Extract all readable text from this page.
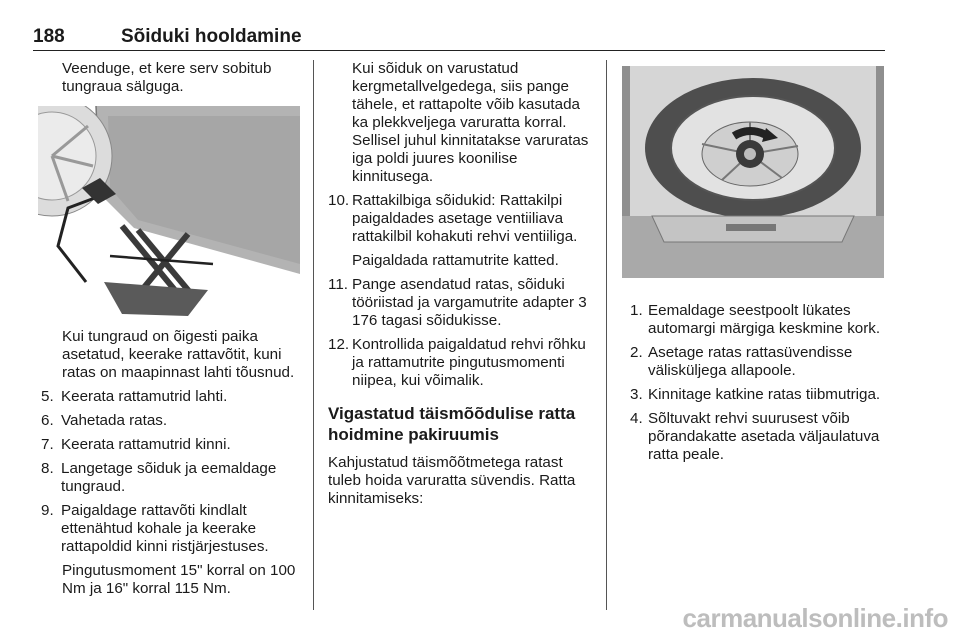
188	Sõiduki hooldamine

Veenduge, et kere serv sobitub tungraua sälguga.

Kui tungraud on õigesti paika asetatud, keerake rattavõtit, kuni ratas on maapinnast lahti tõusnud.

5. Keerata rattamutrid lahti.
6. Vahetada ratas.
7. Keerata rattamutrid kinni.
8. Langetage sõiduk ja eemaldage tungraud.
9. Paigaldage rattavõti kindlalt ettenähtud kohale ja keerake rattapoldid kinni ristjärjestuses.

Pingutusmoment 15" korral on 100 Nm ja 16" korral 115 Nm.

Kui sõiduk on varustatud kergmetallvelgedega, siis pange tähele, et rattapolte võib kasutada ka plekkveljega varuratta korral. Sellisel juhul kinnitatakse varuratas iga poldi juures koonilise kinnitusega.

10. Rattakilbiga sõidukid: Rattakilpi paigaldades asetage ventiiliava rattakilbil kohakuti rehvi ventiiliga.

Paigaldada rattamutrite katted.

11. Pange asendatud ratas, sõiduki tööriistad ja vargamutrite adapter 3 176 tagasi sõidukisse.
12. Kontrollida paigaldatud rehvi rõhku ja rattamutrite pingutusmomenti niipea, kui võimalik.
Vigastatud täismõõdulise ratta hoidmine pakiruumis

Kahjustatud täismõõtmetega ratast tuleb hoida varuratta süvendis. Ratta kinnitamiseks:

1. Eemaldage seestpoolt lükates automargi märgiga keskmine kork.
2. Asetage ratas rattasüvendisse välisküljega allapoole.
3. Kinnitage katkine ratas tiibmutriga.
4. Sõltuvakt rehvi suurusest võib põrandakatte asetada väljaulatuva ratta peale.
carmanualsonline.info
